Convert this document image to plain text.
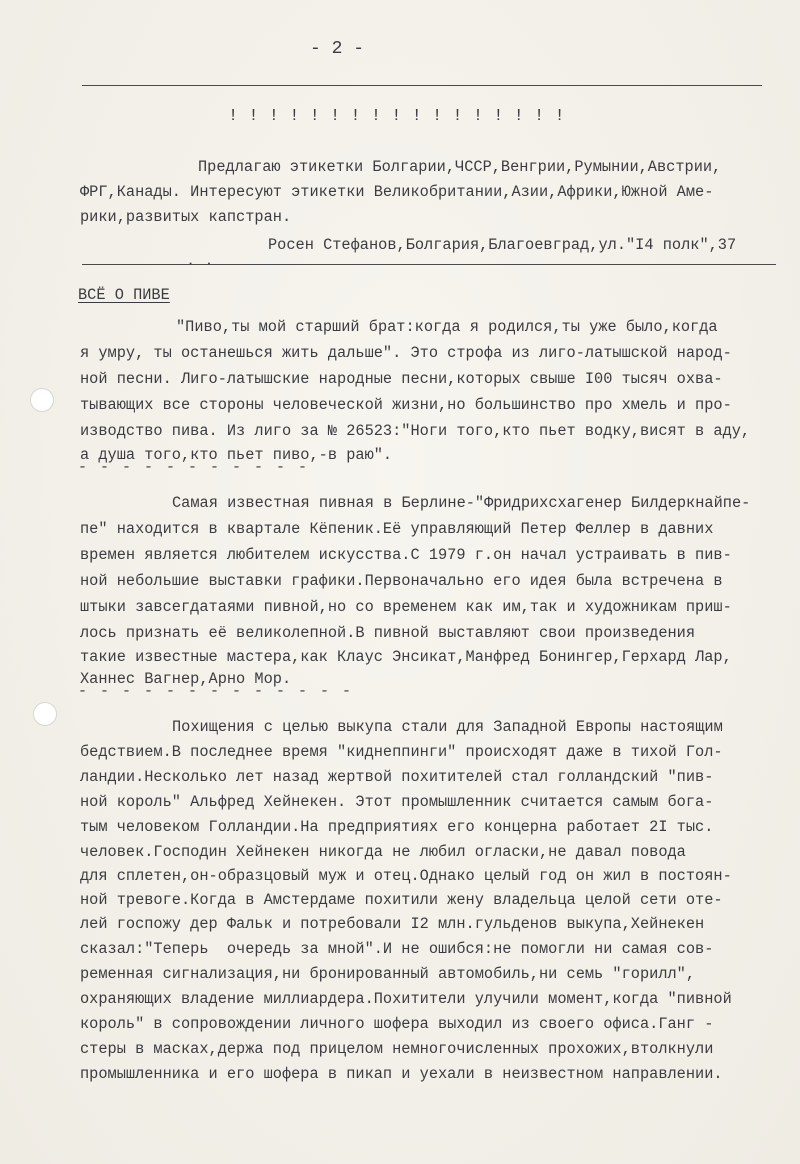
- 2 -
! ! ! ! ! ! ! ! ! ! ! ! ! ! ! ! !
Предлагаю этикетки Болгарии,ЧССР,Венгрии,Румынии,Австрии,
ФРГ,Канады. Интересуют этикетки Великобритании,Азии,Африки,Южной Аме-
рики,развитых капстран.
Росен Стефанов,Болгария,Благоевград,ул."I4 полк",37
. .
ВСЁ О ПИВЕ
"Пиво,ты мой старший брат:когда я родился,ты уже было,когда
я умру, ты останешься жить дальше". Это строфа из лиго-латышской народ-
ной песни. Лиго-латышские народные песни,которых свыше I00 тысяч охва-
тывающих все стороны человеческой жизни,но большинство про хмель и про-
изводство пива. Из лиго за № 26523:"Ноги того,кто пьет водку,висят в аду,
а душа того,кто пьет пиво,-в раю".
- - - - - - - - - - -
Самая известная пивная в Берлине-"Фридрихсхагенер Билдеркнайпе-
пе" находится в квартале Кёпеник.Её управляющий Петер Феллер в давних
времен является любителем искусства.С 1979 г.он начал устраивать в пив-
ной небольшие выставки графики.Первоначально его идея была встречена в
штыки завсегдатаями пивной,но со временем как им,так и художникам приш-
лось признать её великолепной.В пивной выставляют свои произведения
такие известные мастера,как Клаус Энсикат,Манфред Бонингер,Герхард Лар,
Ханнес Вагнер,Арно Мор.
- - - - - - - - - - - - -
Похищения с целью выкупа стали для Западной Европы настоящим
бедствием.В последнее время "киднеппинги" происходят даже в тихой Гол-
ландии.Несколько лет назад жертвой похитителей стал голландский "пив-
ной король" Альфред Хейнекен. Этот промышленник считается самым бога-
тым человеком Голландии.На предприятиях его концерна работает 2I тыс.
человек.Господин Хейнекен никогда не любил огласки,не давал повода
для сплетен,он-образцовый муж и отец.Однако целый год он жил в постоян-
ной тревоге.Когда в Амстердаме похитили жену владельца целой сети оте-
лей госпожу дер Фальк и потребовали I2 млн.гульденов выкупа,Хейнекен
сказал:"Теперь  очередь за мной".И не ошибся:не помогли ни самая сов-
ременная сигнализация,ни бронированный автомобиль,ни семь "горилл",
охраняющих владение миллиардера.Похитители улучили момент,когда "пивной
король" в сопровождении личного шофера выходил из своего офиса.Ганг -
стеры в масках,держа под прицелом немногочисленных прохожих,втолкнули
промышленника и его шофера в пикап и уехали в неизвестном направлении.
